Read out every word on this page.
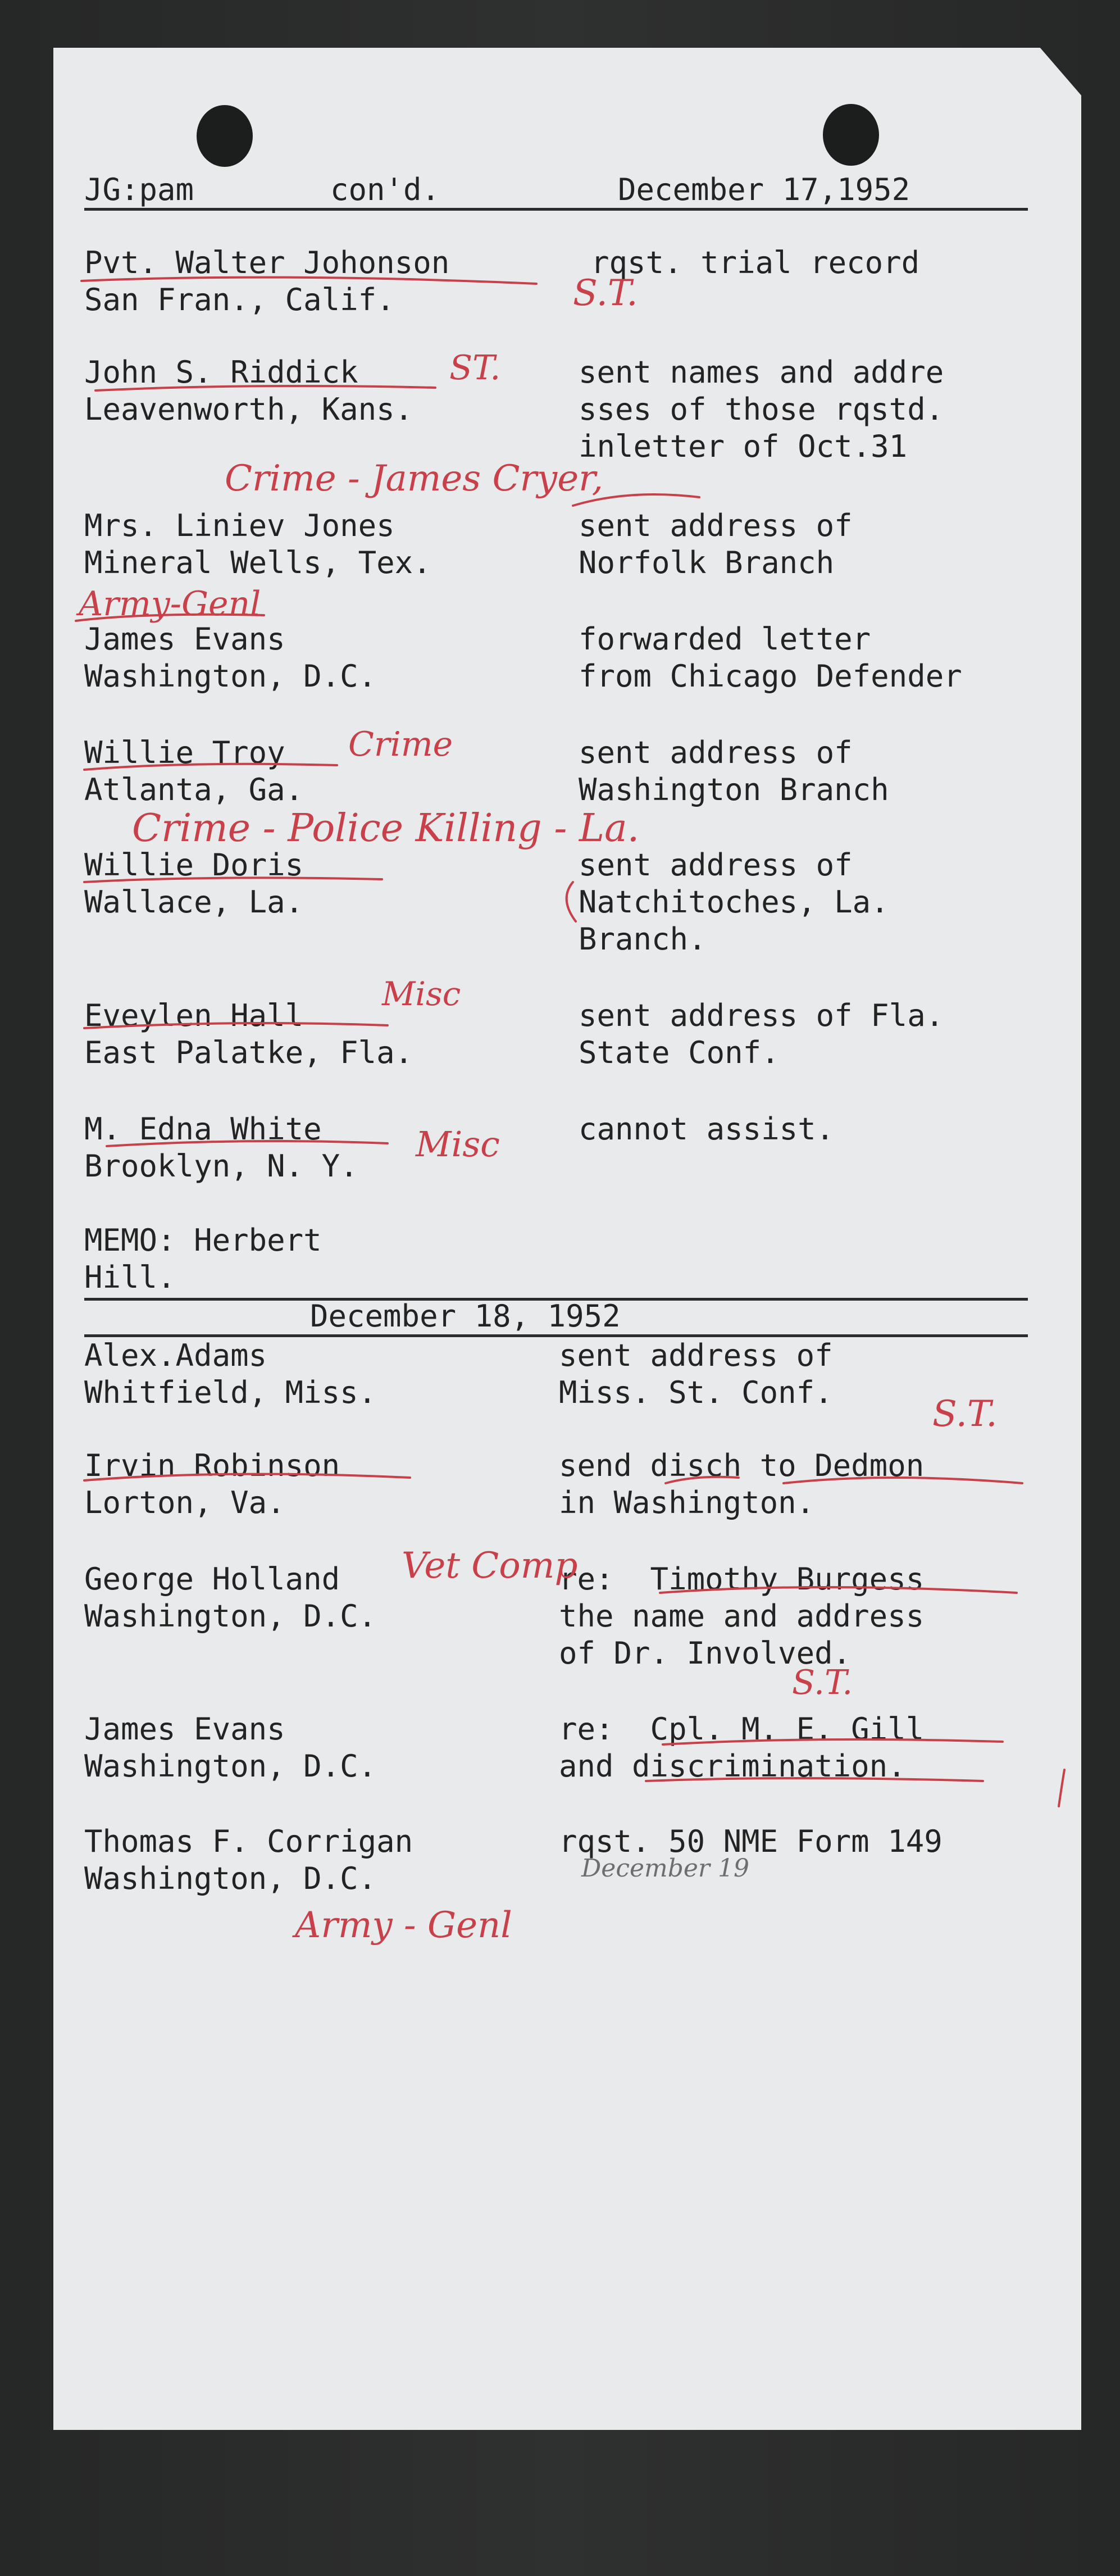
JG:pam	con'd.	December 17,1952
Pvt. Walter Johonson
San Fran., Calif.
rqst. trial record
John S. Riddick
Leavenworth, Kans.
sent names and addre
sses of those rqstd.
inletter of Oct.31
Mrs. Liniev Jones
Mineral Wells, Tex.
sent address of
Norfolk Branch
James Evans
Washington, D.C.
forwarded letter
from Chicago Defender
Willie Troy
Atlanta, Ga.
sent address of
Washington Branch
Willie Doris
Wallace, La.
sent address of
Natchitoches, La.
Branch.
Eveylen Hall
East Palatke, Fla.
sent address of Fla.
State Conf.
M. Edna White
Brooklyn, N. Y.
cannot assist.
MEMO: Herbert
Hill.
December 18, 1952
Alex.Adams
Whitfield, Miss.
sent address of
Miss. St. Conf.
Irvin Robinson
Lorton, Va.
send disch to Dedmon
in Washington.
George Holland
Washington, D.C.
re:  Timothy Burgess
the name and address
of Dr. Involved.
James Evans
Washington, D.C.
re:  Cpl. M. E. Gill
and discrimination.
Thomas F. Corrigan
Washington, D.C.
rqst. 50 NME Form 149
S.T.
ST.
Crime - James Cryer,
Army-Genl
Crime
Crime - Police Killing - La.
Misc
Misc
S.T.
Vet Comp
S.T.
December 19
Army - Genl
